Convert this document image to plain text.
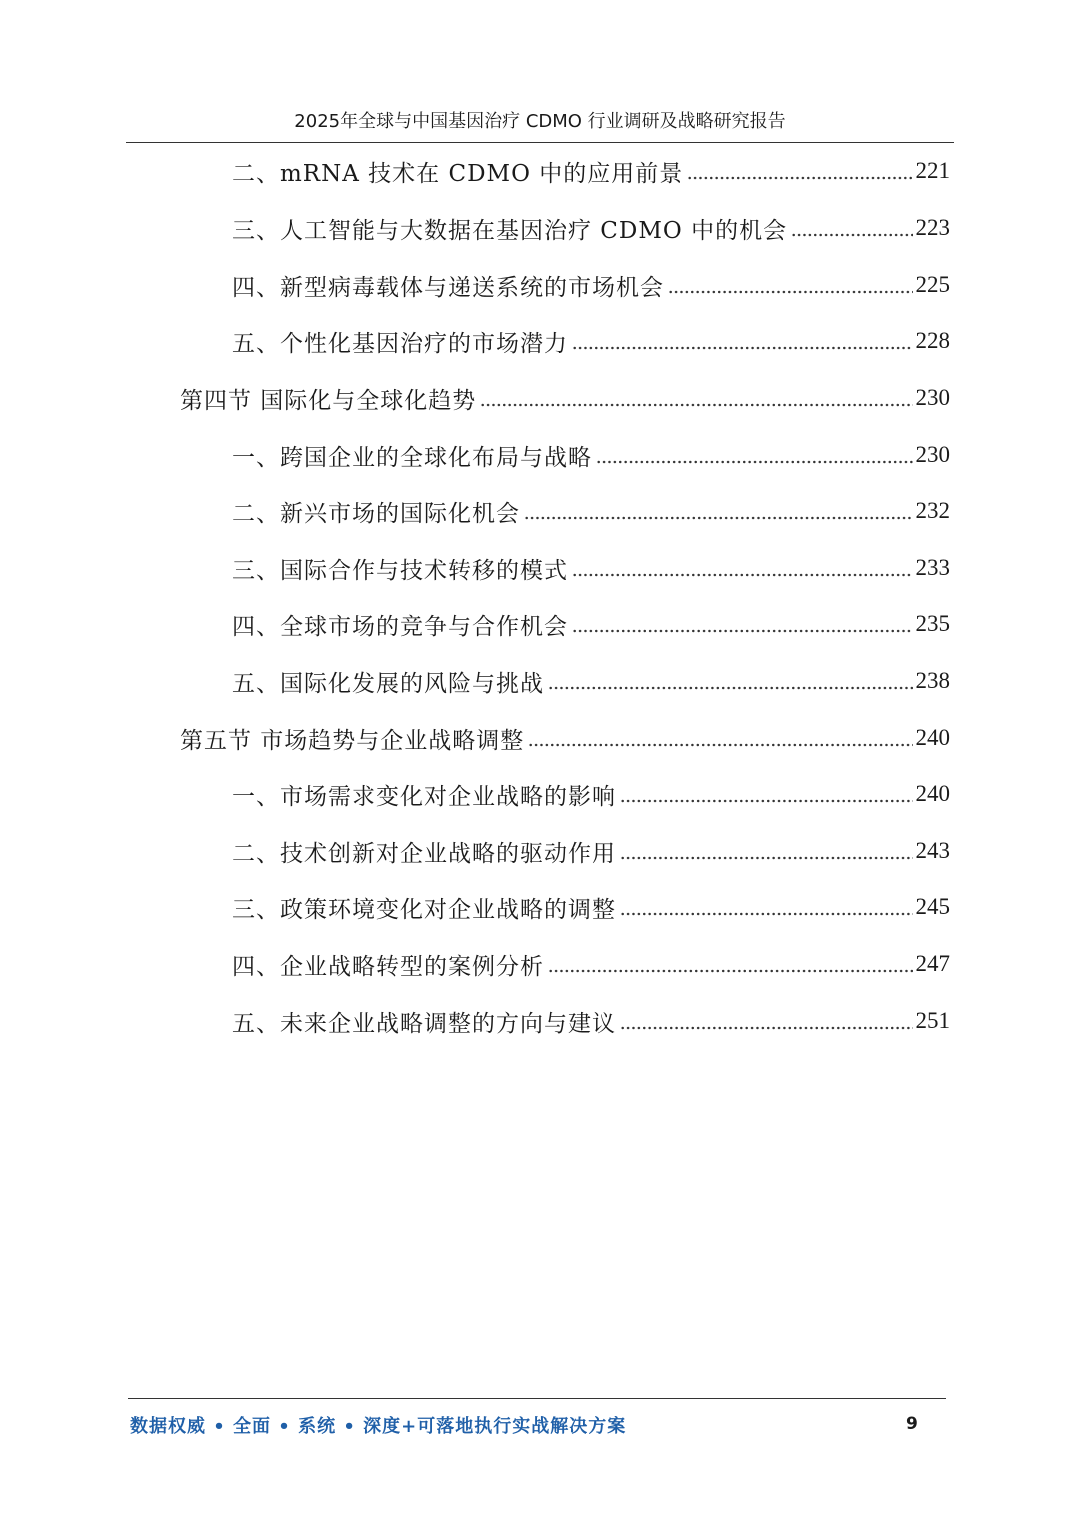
2025年全球与中国基因治疗 CDMO 行业调研及战略研究报告
二、mRNA 技术在 CDMO 中的应用前景	221
三、人工智能与大数据在基因治疗 CDMO 中的机会	223
四、新型病毒载体与递送系统的市场机会	225
五、个性化基因治疗的市场潜力	228
第四节 国际化与全球化趋势	230
一、跨国企业的全球化布局与战略	230
二、新兴市场的国际化机会	232
三、国际合作与技术转移的模式	233
四、全球市场的竞争与合作机会	235
五、国际化发展的风险与挑战	238
第五节 市场趋势与企业战略调整	240
一、市场需求变化对企业战略的影响	240
二、技术创新对企业战略的驱动作用	243
三、政策环境变化对企业战略的调整	245
四、企业战略转型的案例分析	247
五、未来企业战略调整的方向与建议	251
数据权威 • 全面 • 系统 • 深度+可落地执行实战解决方案	9
